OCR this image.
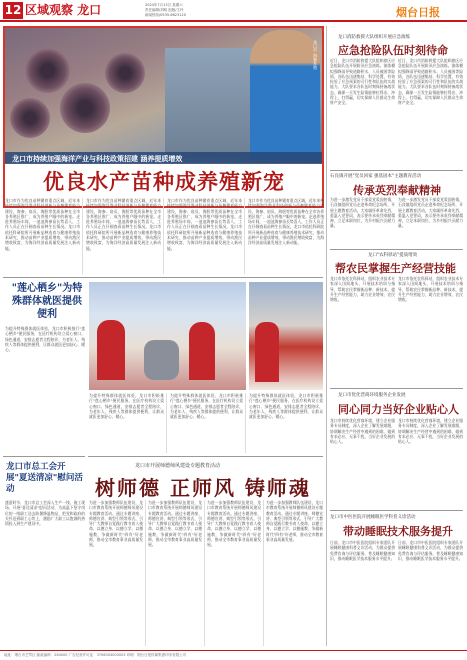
12 区域观察 龙口	2024年7月13日 星期六
责任编辑/刘明 组版/王玲
新闻热线/0535-6623120	烟台日报
龙口市持续加强海洋产业与科技政策招建 涵养提质增效
龙口市 海参养殖
优良水产苗种成养殖新宠
龙口市作为优良苗种繁育重点区域，近年来持续加强海洋渔业科技创新与苗种繁育能力建设，海参、扇贝、海胆等优质苗种在全市各养殖区推广，成为养殖户眼中的新宠。走进养殖场车间，一池池海参苗长势喜人，工作人员正在仔细查看苗种生长情况。龙口市依托科研院所开展新品种选育与健康养殖技术研究，推动苗种产业提质增效，带动渔民增收致富，为海洋经济高质量发展注入新动能。
龙口市作为优良苗种繁育重点区域，近年来持续加强海洋渔业科技创新与苗种繁育能力建设，海参、扇贝、海胆等优质苗种在全市各养殖区推广，成为养殖户眼中的新宠。走进养殖场车间，一池池海参苗长势喜人，工作人员正在仔细查看苗种生长情况。龙口市依托科研院所开展新品种选育与健康养殖技术研究，推动苗种产业提质增效，带动渔民增收致富，为海洋经济高质量发展注入新动能。
龙口市作为优良苗种繁育重点区域，近年来持续加强海洋渔业科技创新与苗种繁育能力建设，海参、扇贝、海胆等优质苗种在全市各养殖区推广，成为养殖户眼中的新宠。走进养殖场车间，一池池海参苗长势喜人，工作人员正在仔细查看苗种生长情况。龙口市依托科研院所开展新品种选育与健康养殖技术研究，推动苗种产业提质增效，带动渔民增收致富，为海洋经济高质量发展注入新动能。
龙口市作为优良苗种繁育重点区域，近年来持续加强海洋渔业科技创新与苗种繁育能力建设，海参、扇贝、海胆等优质苗种在全市各养殖区推广，成为养殖户眼中的新宠。走进养殖场车间，一池池海参苗长势喜人，工作人员正在仔细查看苗种生长情况。龙口市依托科研院所开展新品种选育与健康养殖技术研究，推动苗种产业提质增效，带动渔民增收致富，为海洋经济高质量发展注入新动能。
龙口消防救援大队组织开展应急演练
应急抢险队伍时刻待命
近日，龙口市消防救援大队组织辖区应急抢险队伍开展防汛应急演练。演练模拟强降雨导致道路积水、人员被困等险情，各队伍迅速集结、科学处置，有效检验了应急预案的可行性和队伍的实战能力。大队要求各队伍时刻保持备战状态，确保一旦发生险情能够拉得出、冲得上、打得赢，切实保障人民群众生命财产安全。
近日，龙口市消防救援大队组织辖区应急抢险队伍开展防汛应急演练。演练模拟强降雨导致道路积水、人员被困等险情，各队伍迅速集结、科学处置，有效检验了应急预案的可行性和队伍的实战能力。大队要求各队伍时刻保持备战状态，确保一旦发生险情能够拉得出、冲得上、打得赢，切实保障人民群众生命财产安全。
石良镇开展"党员回家 强基固本"主题教育活动
传承英烈奉献精神
为进一步激发党员干部爱党爱国热情，石良镇组织党员走进革命纪念场所，开展主题教育活动。大家缅怀革命先烈，重温入党誓词，表示要传承英烈奉献精神，立足本职岗位，为乡村振兴贡献力量。
为进一步激发党员干部爱党爱国热情，石良镇组织党员走进革命纪念场所，开展主题教育活动。大家缅怀革命先烈，重温入党誓词，表示要传承英烈奉献精神，立足本职岗位，为乡村振兴贡献力量。
龙口"农科驿站"提质增效
帮农民掌握生产经营技能
龙口市依托农科驿站，组织农业技术专家深入田间地头，开展技术培训与指导，帮助农民掌握新品种、新技术，提升生产经营能力，助力农业增效、农民增收。
龙口市依托农科驿站，组织农业技术专家深入田间地头，开展技术培训与指导，帮助农民掌握新品种、新技术，提升生产经营能力，助力农业增效、农民增收。
龙口市优化营商环境服务企业发展
同心同力当好企业贴心人
龙口市持续优化营商环境，建立企业服务专员制度，深入企业了解发展难题，协调解决生产经营中遇到的困难，做到有求必应、无事不扰，当好企业发展的贴心人。
龙口市持续优化营商环境，建立企业服务专员制度，深入企业了解发展难题，协调解决生产经营中遇到的困难，做到有求必应、无事不扰，当好企业发展的贴心人。
龙口市中医医院开展睡眠医学科普义诊活动
带动睡眠技术服务提升
日前，龙口市中医医院组织专家团队开展睡眠健康科普义诊活动，为群众提供免费咨询与评估服务，普及睡眠健康知识，推动睡眠医学技术服务水平提升。
日前，龙口市中医医院组织专家团队开展睡眠健康科普义诊活动，为群众提供免费咨询与评估服务，普及睡眠健康知识，推动睡眠医学技术服务水平提升。
"莲心栖乡"为特殊群体就医提供便利
为提升特殊群体就医体验，龙口市积极推行"莲心栖乡"便民服务，在医疗机构设立爱心窗口、绿色通道，安排志愿者全程陪诊，为老年人、残疾人等群体提供便利，让群众就医更加舒心、暖心。
为提升特殊群体就医体验，龙口市积极推行"莲心栖乡"便民服务，在医疗机构设立爱心窗口、绿色通道，安排志愿者全程陪诊，为老年人、残疾人等群体提供便利，让群众就医更加舒心、暖心。
为提升特殊群体就医体验，龙口市积极推行"莲心栖乡"便民服务，在医疗机构设立爱心窗口、绿色通道，安排志愿者全程陪诊，为老年人、残疾人等群体提供便利，让群众就医更加舒心、暖心。
为提升特殊群体就医体验，龙口市积极推行"莲心栖乡"便民服务，在医疗机构设立爱心窗口、绿色通道，安排志愿者全程陪诊，为老年人、残疾人等群体提供便利，让群众就医更加舒心、暖心。
龙口市总工会开展"夏送清凉"慰问活动
盛夏时节，龙口市总工会深入生产一线、施工现场，开展"夏送清凉"慰问活动，为高温下坚守岗位的一线职工送去防暑降温物品，把党和政府的关怀送到职工心坎上，激励广大职工以饱满的热情投入到生产建设中。
龙口市开展师德师风建设专题教育活动
树师德 正师风 铸师魂
为进一步加强教师队伍建设，龙口市教育系统开展师德师风建设专题教育活动。通过专题讲座、师德宣讲、典型引领等形式，引导广大教师自觉践行教书育人使命，以德立身、以德立学、以德施教，争做新时代"四有"好老师，推动全市教育事业高质量发展。
为进一步加强教师队伍建设，龙口市教育系统开展师德师风建设专题教育活动。通过专题讲座、师德宣讲、典型引领等形式，引导广大教师自觉践行教书育人使命，以德立身、以德立学、以德施教，争做新时代"四有"好老师，推动全市教育事业高质量发展。
为进一步加强教师队伍建设，龙口市教育系统开展师德师风建设专题教育活动。通过专题讲座、师德宣讲、典型引领等形式，引导广大教师自觉践行教书育人使命，以德立身、以德立学、以德施教，争做新时代"四有"好老师，推动全市教育事业高质量发展。
为进一步加强教师队伍建设，龙口市教育系统开展师德师风建设专题教育活动。通过专题讲座、师德宣讲、典型引领等形式，引导广大教师自觉践行教书育人使命，以德立身、以德立学、以德施教，争做新时代"四有"好老师，推动全市教育事业高质量发展。
地址：烟台市芝罘区 邮政编码：264000 广告经营许可证：3706004000003 印刷：烟台日报传媒集团印务有限公司
